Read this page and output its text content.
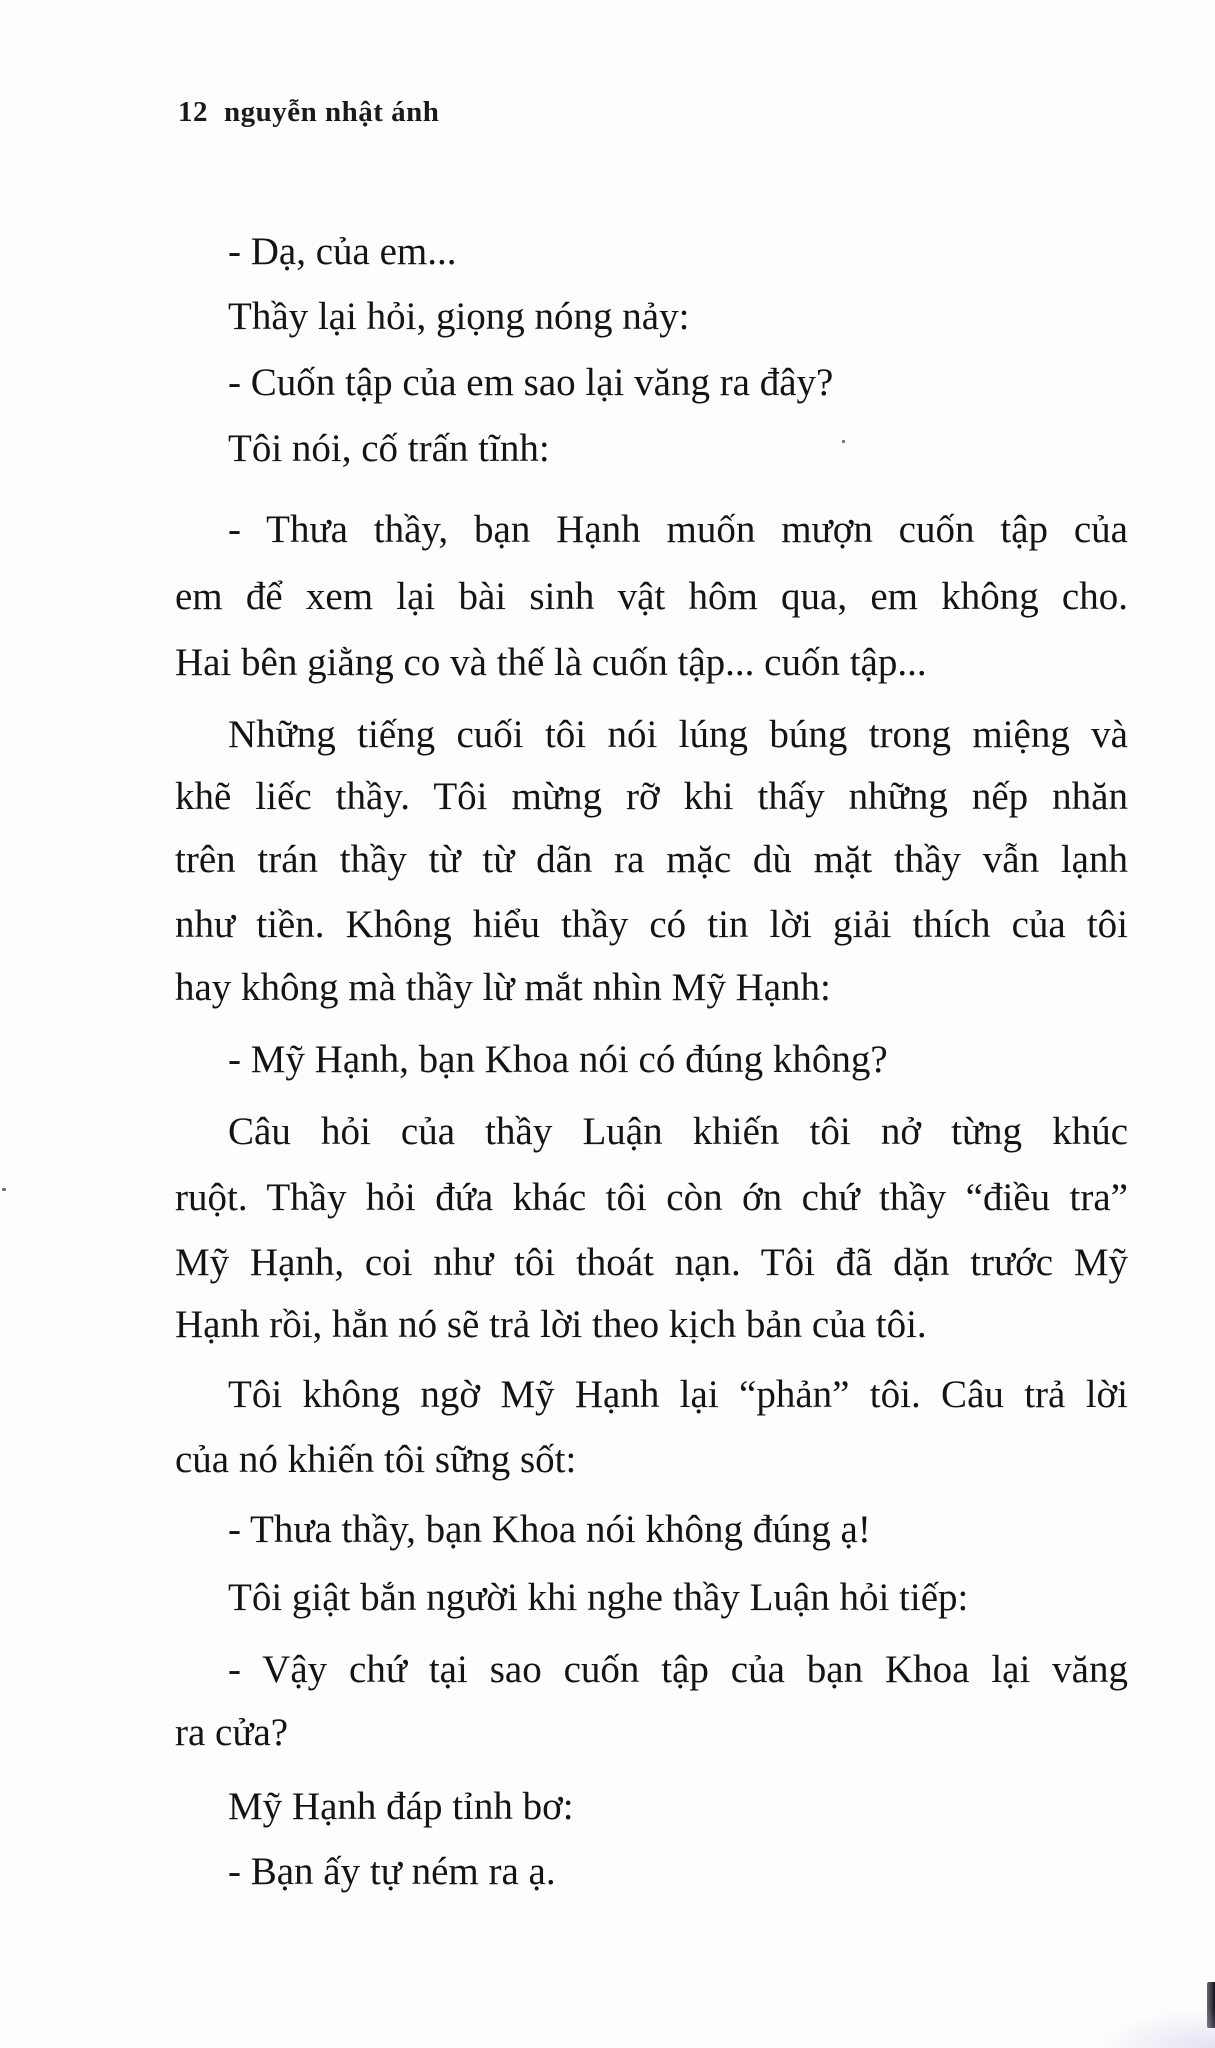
12 nguyễn nhật ánh
- Dạ, của em...
Thầy lại hỏi, giọng nóng nảy:
- Cuốn tập của em sao lại văng ra đây?
Tôi nói, cố trấn tĩnh:
- Thưa thầy, bạn Hạnh muốn mượn cuốn tập của
em để xem lại bài sinh vật hôm qua, em không cho.
Hai bên giằng co và thế là cuốn tập... cuốn tập...
Những tiếng cuối tôi nói lúng búng trong miệng và
khẽ liếc thầy. Tôi mừng rỡ khi thấy những nếp nhăn
trên trán thầy từ từ dãn ra mặc dù mặt thầy vẫn lạnh
như tiền. Không hiểu thầy có tin lời giải thích của tôi
hay không mà thầy lừ mắt nhìn Mỹ Hạnh:
- Mỹ Hạnh, bạn Khoa nói có đúng không?
Câu hỏi của thầy Luận khiến tôi nở từng khúc
ruột. Thầy hỏi đứa khác tôi còn ớn chứ thầy “điều tra”
Mỹ Hạnh, coi như tôi thoát nạn. Tôi đã dặn trước Mỹ
Hạnh rồi, hẳn nó sẽ trả lời theo kịch bản của tôi.
Tôi không ngờ Mỹ Hạnh lại “phản” tôi. Câu trả lời
của nó khiến tôi sững sốt:
- Thưa thầy, bạn Khoa nói không đúng ạ!
Tôi giật bắn người khi nghe thầy Luận hỏi tiếp:
- Vậy chứ tại sao cuốn tập của bạn Khoa lại văng
ra cửa?
Mỹ Hạnh đáp tỉnh bơ:
- Bạn ấy tự ném ra ạ.
